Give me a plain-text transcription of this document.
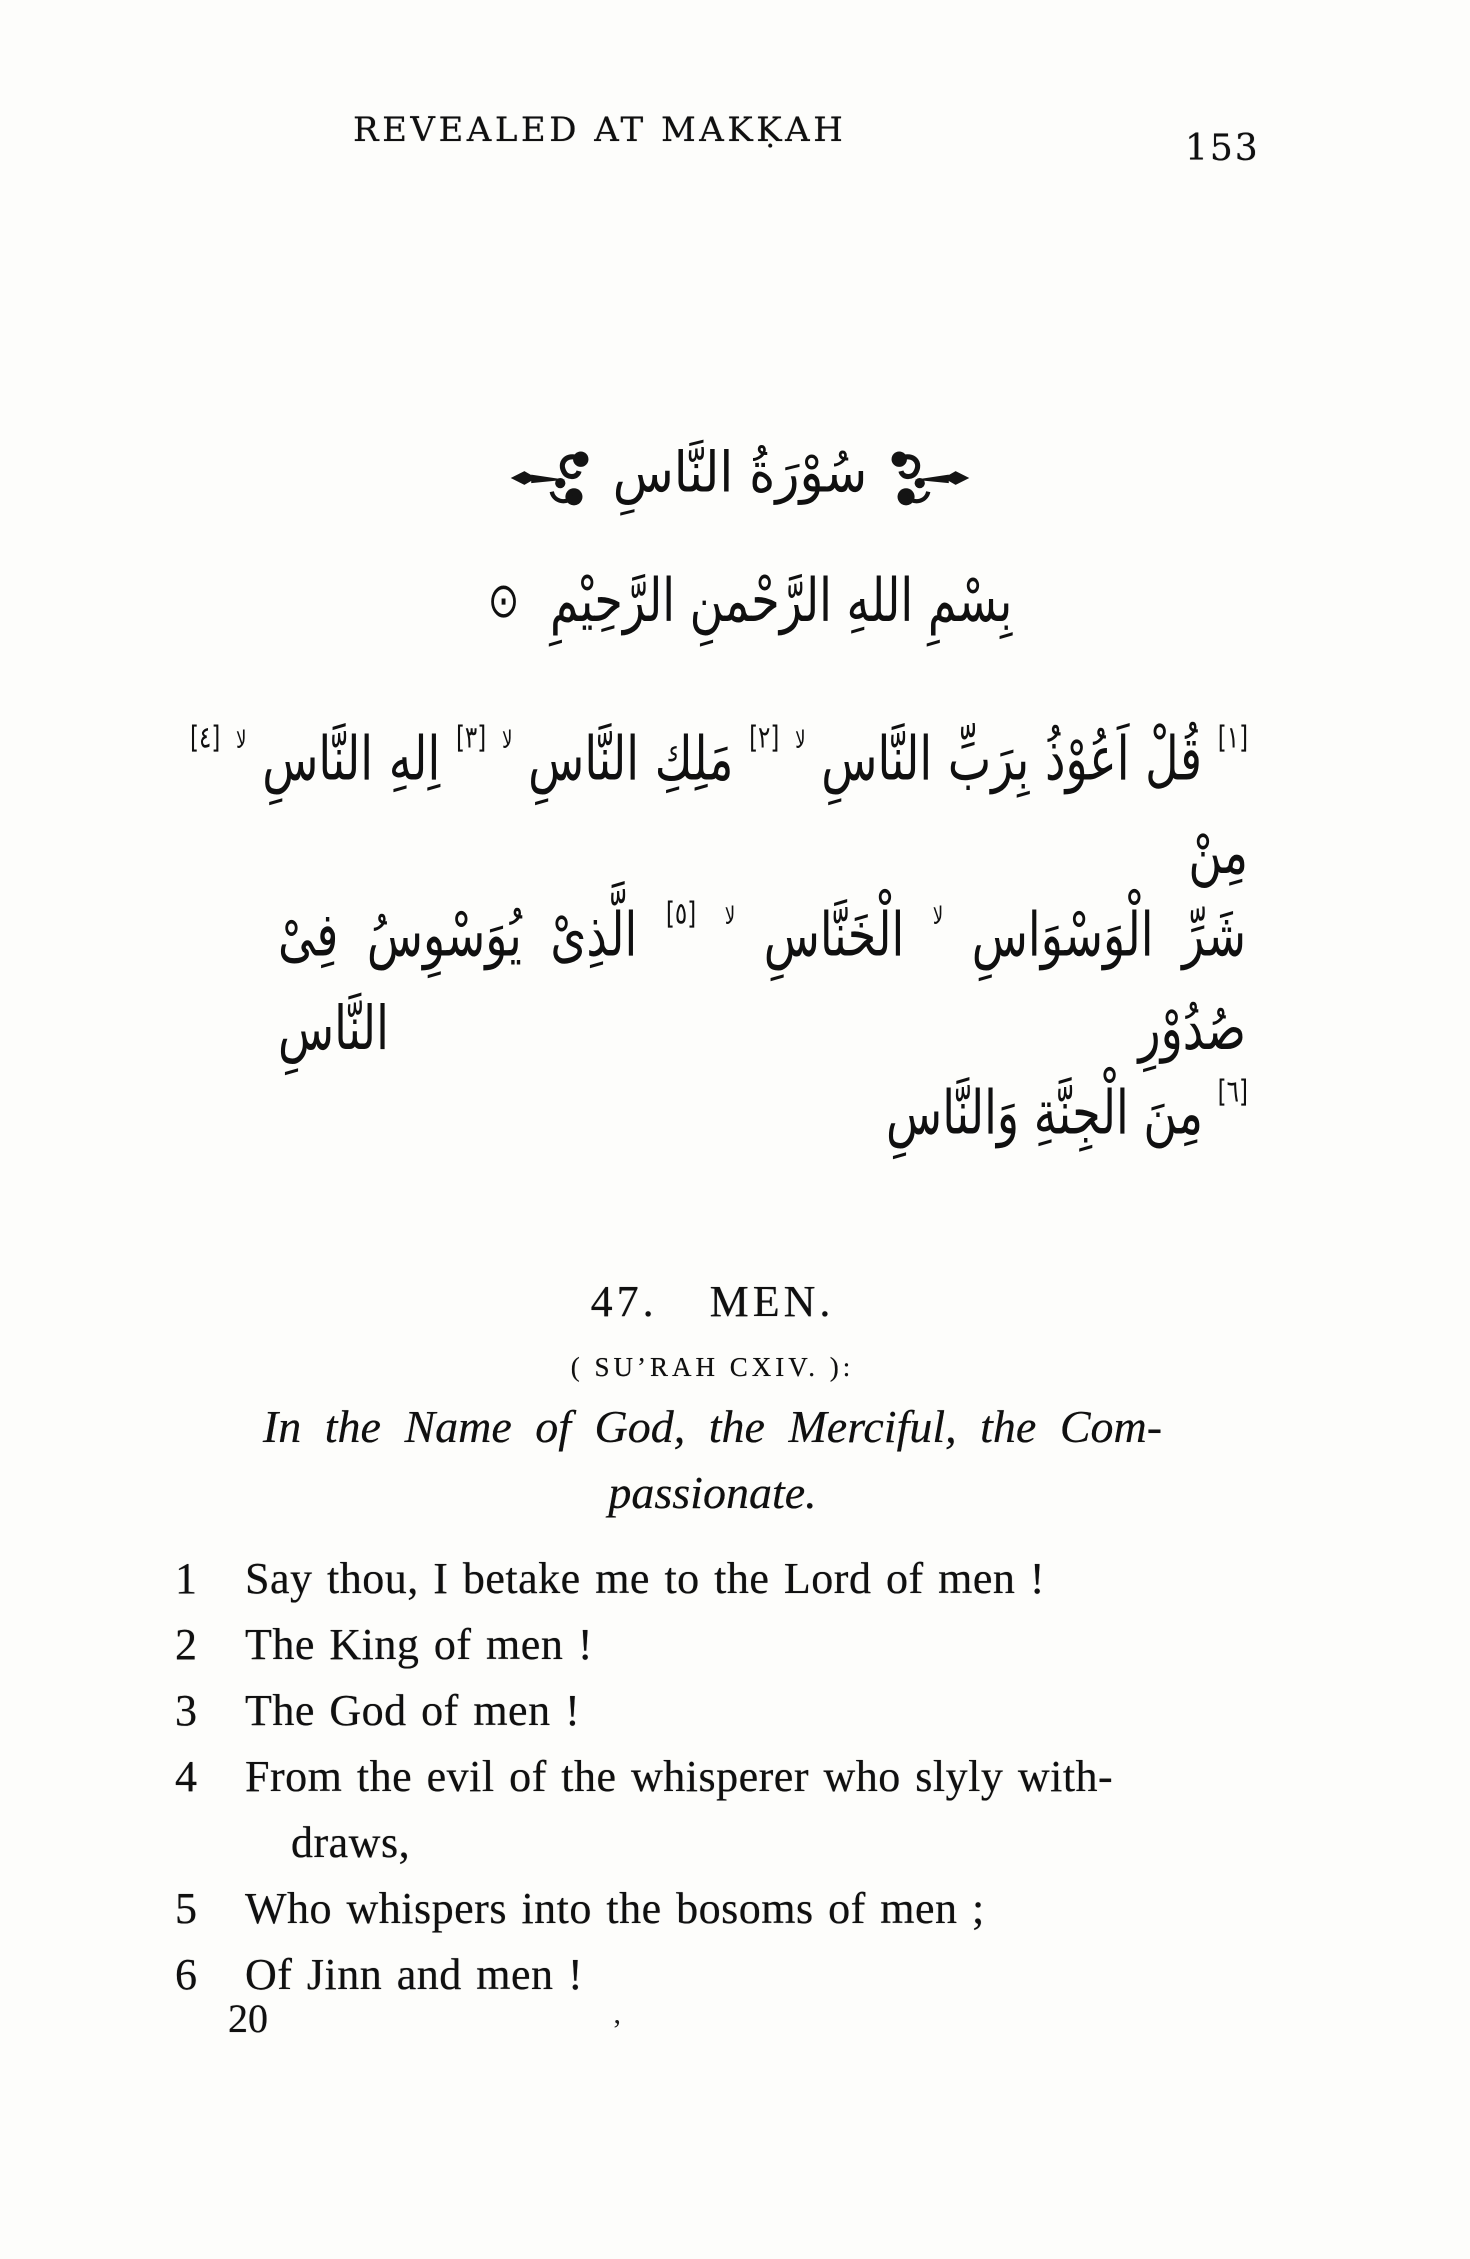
REVEALED AT MAKḲAH	153
سُوْرَةُ النَّاسِ
بِسْمِ اللهِ الرَّحْمنِ الرَّحِيْمِ ⊙
[١] قُلْ اَعُوْذُ بِرَبِّ النَّاسِ $^{لا}$ [٢] مَلِكِ النَّاسِ $^{لا}$ [٣] اِلهِ النَّاسِ $^{لا}$ [٤] مِنْ
شَرِّ الْوَسْوَاسِ $^{لا}$ الْخَنَّاسِ $^{لا}$ [٥] الَّذِىْ يُوَسْوِسُ فِىْ صُدُوْرِ النَّاسِ
[٦] مِنَ الْجِنَّةِ وَالنَّاسِ
47. MEN.
( SU’RAH CXIV. ):
In the Name of God, the Merciful, the Com-
passionate.
1	Say thou, I betake me to the Lord of men !
2	The King of men !
3	The God of men !
4	From the evil of the whisperer who slyly with-
draws,
5	Who whispers into the bosoms of men ;
6	Of Jinn and men !
20	ʼ
